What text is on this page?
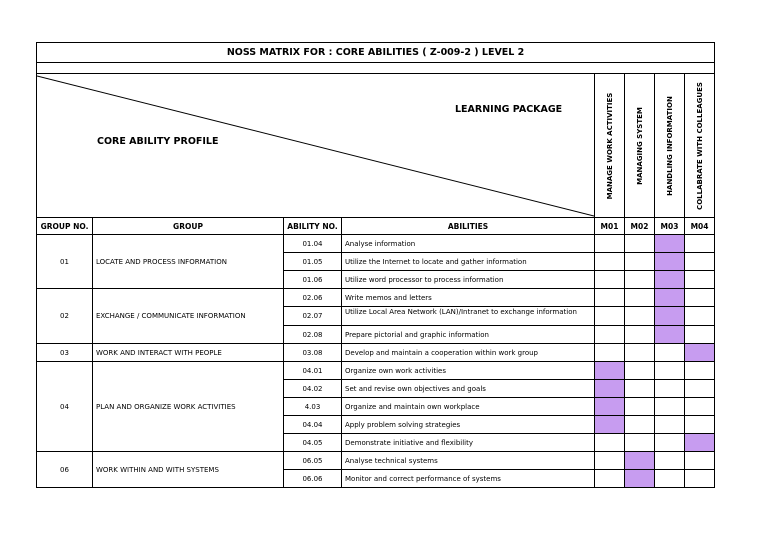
NOSS MATRIX FOR : CORE ABILITIES ( Z-009-2 ) LEVEL 2							

LEARNING PACKAGE
CORE ABILITY PROFILE				MANAGE WORK ACTIVITIES	MANAGING SYSTEM	HANDLING INFORMATION	COLLABRATE WITH COLLEAGUES

GROUP NO.	GROUP	ABILITY NO.	ABILITIES	M01	M02	M03	M04
01	LOCATE AND PROCESS INFORMATION	01.04	Analyse information				
		01.05	Utilize the Internet to locate and gather information				
		01.06	Utilize word processor to process information				
02	EXCHANGE / COMMUNICATE INFORMATION	02.06	Write memos and letters				
		02.07	Utilize Local Area Network (LAN)/Intranet to exchange information				
		02.08	Prepare pictorial and graphic information				
03	WORK AND INTERACT WITH PEOPLE	03.08	Develop and maintain a cooperation within work group				
04	PLAN AND ORGANIZE WORK ACTIVITIES	04.01	Organize own work activities				
		04.02	Set and revise own objectives and goals				
		4.03	Organize and maintain own workplace				
		04.04	Apply problem solving strategies				
		04.05	Demonstrate initiative and flexibility				
06	WORK WITHIN AND WITH SYSTEMS	06.05	Analyse technical systems				
		06.06	Monitor and correct performance of systems				
